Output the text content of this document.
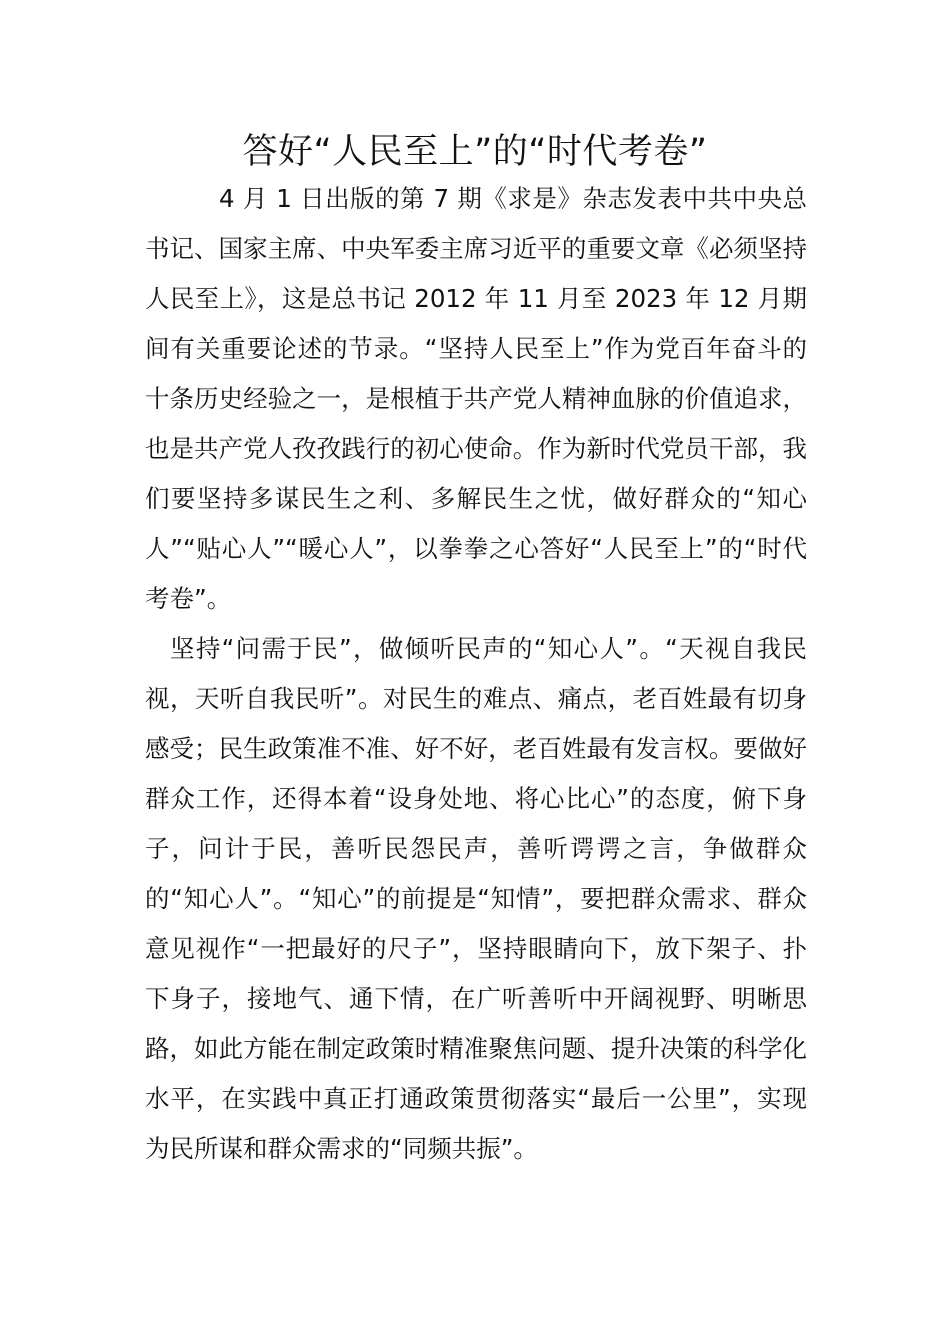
答好“人民至上”的“时代考卷”

4 月 1 日出版的第 7 期《求是》杂志发表中共中央总书记、国家主席、中央军委主席习近平的重要文章《必须坚持人民至上》，这是总书记 2012 年 11 月至 2023 年 12 月期间有关重要论述的节录。“坚持人民至上”作为党百年奋斗的十条历史经验之一，是根植于共产党人精神血脉的价值追求，也是共产党人孜孜践行的初心使命。作为新时代党员干部，我们要坚持多谋民生之利、多解民生之忧，做好群众的“知心人”“贴心人”“暖心人”，以拳拳之心答好“人民至上”的“时代考卷”。

坚持“问需于民”，做倾听民声的“知心人”。“天视自我民视，天听自我民听”。对民生的难点、痛点，老百姓最有切身感受；民生政策准不准、好不好，老百姓最有发言权。要做好群众工作，还得本着“设身处地、将心比心”的态度，俯下身子，问计于民，善听民怨民声，善听谔谔之言，争做群众的“知心人”。“知心”的前提是“知情”，要把群众需求、群众意见视作“一把最好的尺子”，坚持眼睛向下，放下架子、扑下身子，接地气、通下情，在广听善听中开阔视野、明晰思路，如此方能在制定政策时精准聚焦问题、提升决策的科学化水平，在实践中真正打通政策贯彻落实“最后一公里”，实现为民所谋和群众需求的“同频共振”。
